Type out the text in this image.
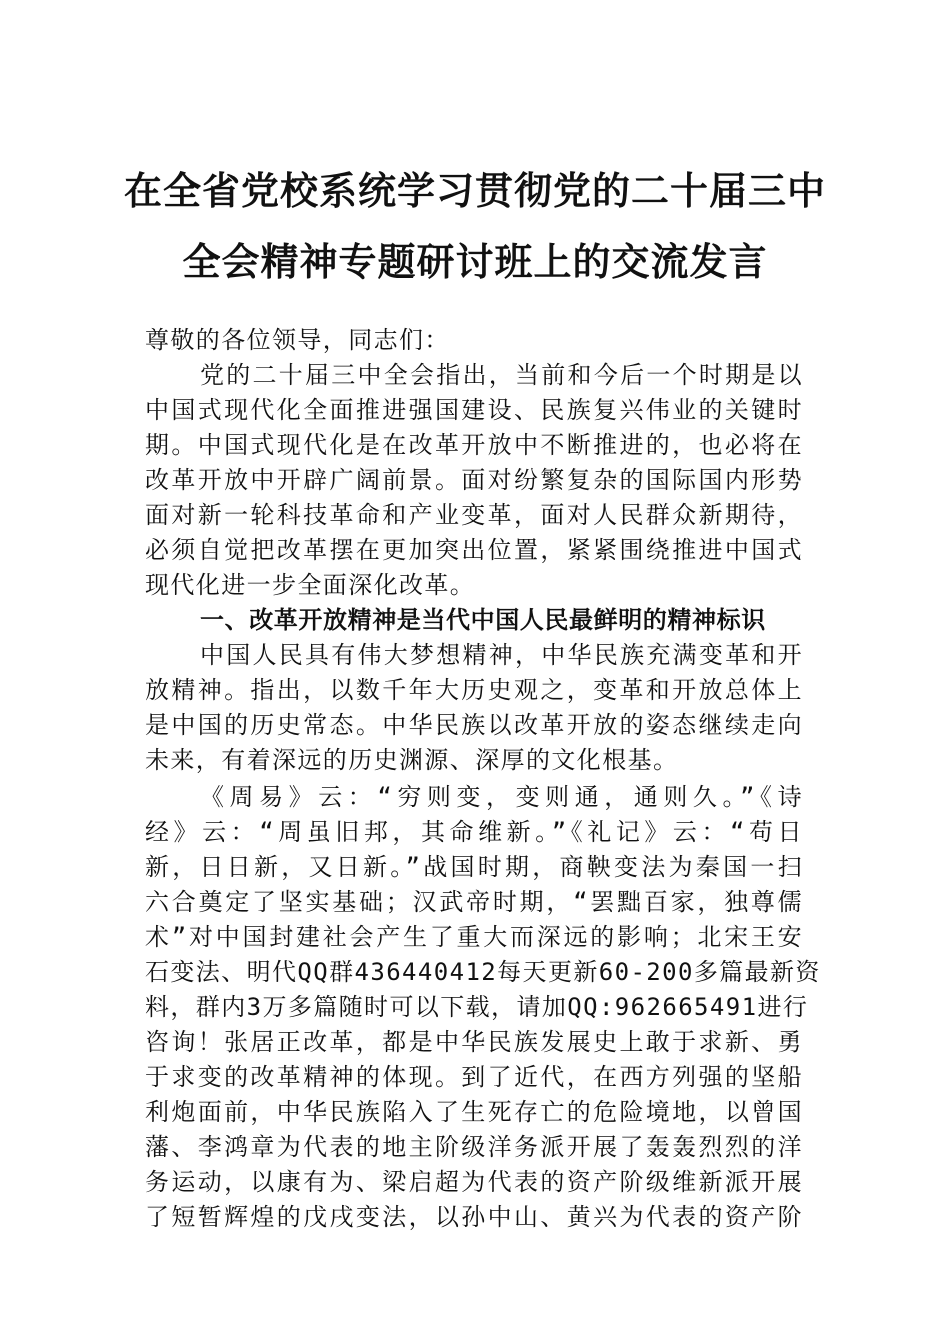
在全省党校系统学习贯彻党的二十届三中
全会精神专题研讨班上的交流发言
尊敬的各位领导，同志们：
党的二十届三中全会指出，当前和今后一个时期是以
中国式现代化全面推进强国建设、民族复兴伟业的关键时
期。中国式现代化是在改革开放中不断推进的，也必将在
改革开放中开辟广阔前景。面对纷繁复杂的国际国内形势
面对新一轮科技革命和产业变革，面对人民群众新期待，
必须自觉把改革摆在更加突出位置，紧紧围绕推进中国式
现代化进一步全面深化改革。
一、改革开放精神是当代中国人民最鲜明的精神标识
中国人民具有伟大梦想精神，中华民族充满变革和开
放精神。指出，以数千年大历史观之，变革和开放总体上
是中国的历史常态。中华民族以改革开放的姿态继续走向
未来，有着深远的历史渊源、深厚的文化根基。
《周易》云：“穷则变，变则通，通则久。”《诗
经》云：“周虽旧邦，其命维新。”《礼记》云：“苟日
新，日日新，又日新。”战国时期，商鞅变法为秦国一扫
六合奠定了坚实基础；汉武帝时期，“罢黜百家，独尊儒
术”对中国封建社会产生了重大而深远的影响；北宋王安
石变法、明代QQ群436440412每天更新60-200多篇最新资
料，群内3万多篇随时可以下载，请加QQ:962665491进行
咨询！张居正改革，都是中华民族发展史上敢于求新、勇
于求变的改革精神的体现。到了近代，在西方列强的坚船
利炮面前，中华民族陷入了生死存亡的危险境地，以曾国
藩、李鸿章为代表的地主阶级洋务派开展了轰轰烈烈的洋
务运动，以康有为、梁启超为代表的资产阶级维新派开展
了短暂辉煌的戊戌变法，以孙中山、黄兴为代表的资产阶
